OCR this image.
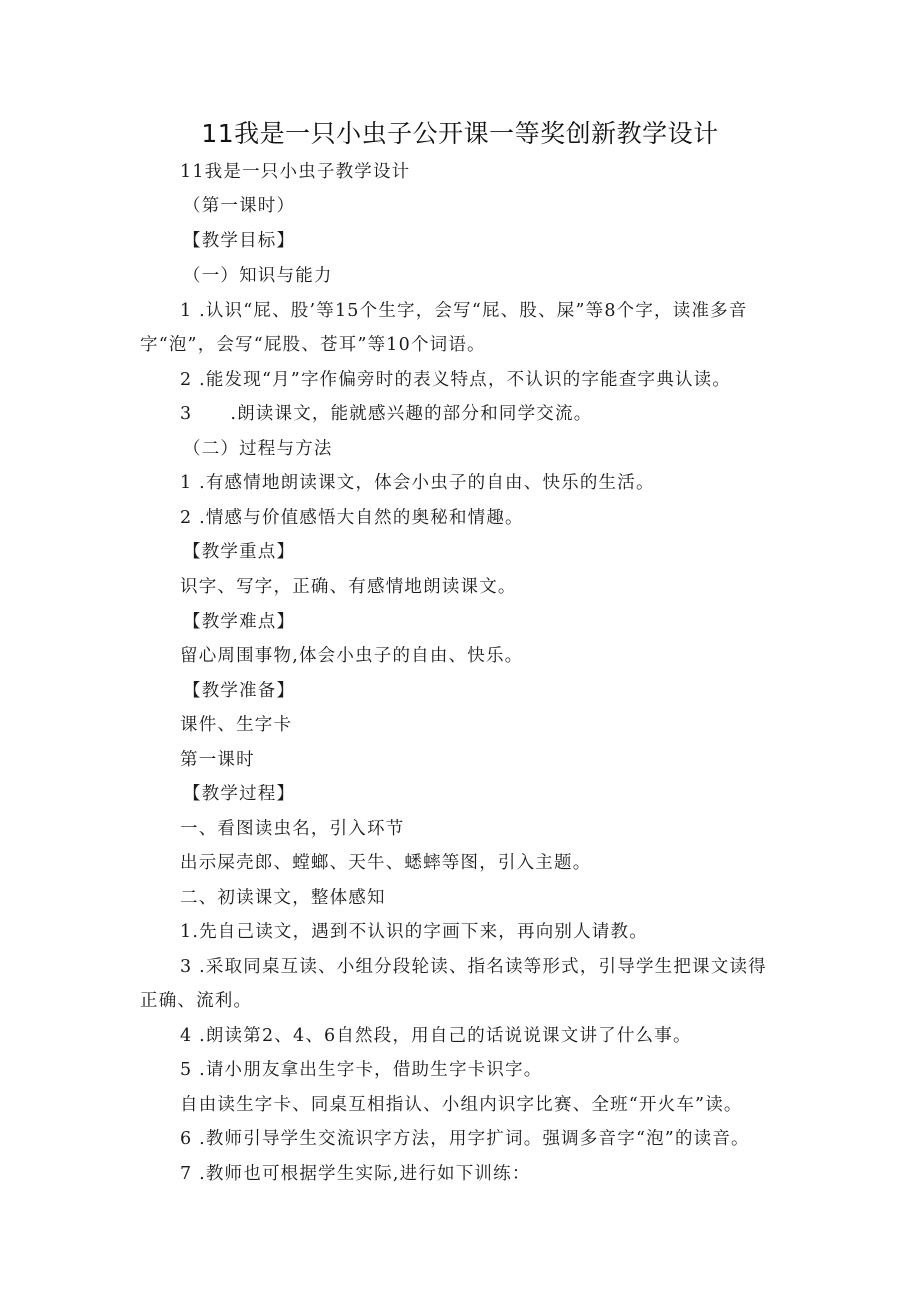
11我是一只小虫子公开课一等奖创新教学设计
11我是一只小虫子教学设计
（第一课时）
【教学目标】
（一）知识与能力
1 .认识“屁、股’等15个生字，会写“屁、股、屎”等8个字，读准多音
字“泡”，会写“屁股、苍耳”等10个词语。
2 .能发现“月”字作偏旁时的表义特点，不认识的字能查字典认读。
3 .朗读课文，能就感兴趣的部分和同学交流。
（二）过程与方法
1 .有感情地朗读课文，体会小虫子的自由、快乐的生活。
2 .情感与价值感悟大自然的奥秘和情趣。
【教学重点】
识字、写字，正确、有感情地朗读课文。
【教学难点】
留心周围事物,体会小虫子的自由、快乐。
【教学准备】
课件、生字卡
第一课时
【教学过程】
一、看图读虫名，引入环节
出示屎壳郎、螳螂、天牛、蟋蟀等图，引入主题。
二、初读课文，整体感知
1.先自己读文，遇到不认识的字画下来，再向别人请教。
3 .采取同桌互读、小组分段轮读、指名读等形式，引导学生把课文读得
正确、流利。
4 .朗读第2、4、6自然段，用自己的话说说课文讲了什么事。
5 .请小朋友拿出生字卡，借助生字卡识字。
自由读生字卡、同桌互相指认、小组内识字比赛、全班“开火车”读。
6 .教师引导学生交流识字方法，用字扩词。强调多音字“泡”的读音。
7 .教师也可根据学生实际,进行如下训练：
